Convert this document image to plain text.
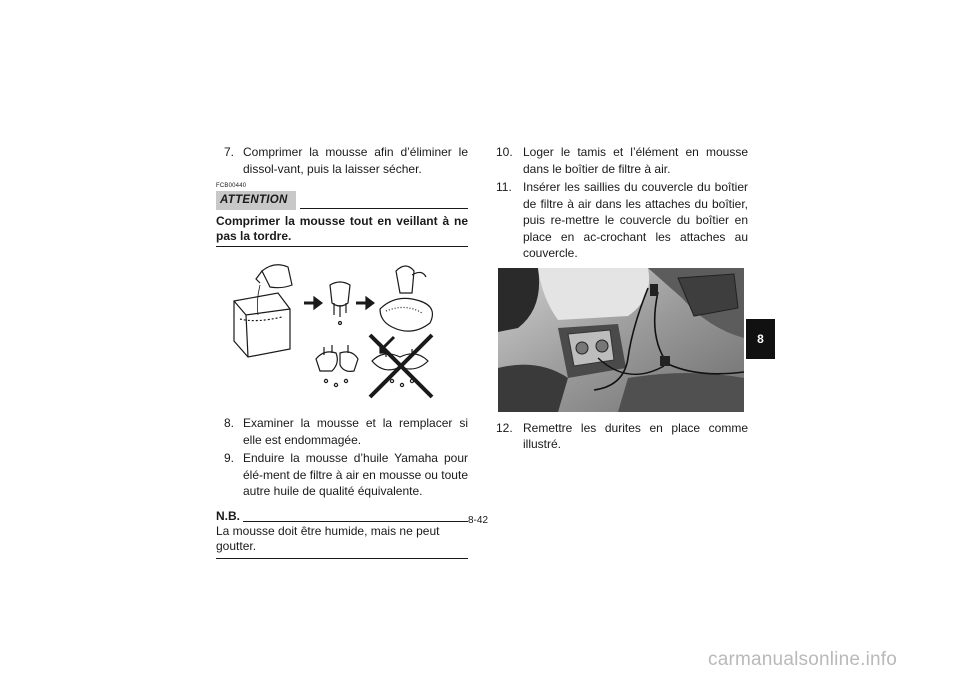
7. Comprimer la mousse afin d’éliminer le dissol-vant, puis la laisser sécher.
FCB00440
ATTENTION
Comprimer la mousse tout en veillant à ne pas la tordre.
8. Examiner la mousse et la remplacer si elle est endommagée.
9. Enduire la mousse d’huile Yamaha pour élé-ment de filtre à air en mousse ou toute autre huile de qualité équivalente.
N.B.
La mousse doit être humide, mais ne peut goutter.
10. Loger le tamis et l’élément en mousse dans le boîtier de filtre à air.
11. Insérer les saillies du couvercle du boîtier de filtre à air dans les attaches du boîtier, puis re-mettre le couvercle du boîtier en place en ac-crochant les attaches au couvercle.
12. Remettre les durites en place comme illustré.
8
8-42
carmanualsonline.info
